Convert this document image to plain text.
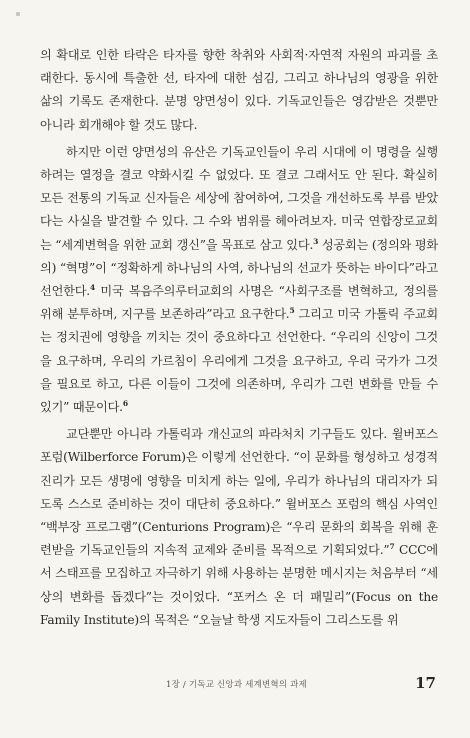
의 확대로 인한 타락은 타자를 향한 착취와 사회적·자연적 자원의 파괴를 초래한다. 동시에 특출한 선, 타자에 대한 섬김, 그리고 하나님의 영광을 위한 삶의 기록도 존재한다. 분명 양면성이 있다. 기독교인들은 영감받은 것뿐만 아니라 회개해야 할 것도 많다.

하지만 이런 양면성의 유산은 기독교인들이 우리 시대에 이 명령을 실행하려는 열정을 결코 약화시킬 수 없었다. 또 결코 그래서도 안 된다. 확실히 모든 전통의 기독교 신자들은 세상에 참여하여, 그것을 개선하도록 부름 받았다는 사실을 발견할 수 있다. 그 수와 범위를 헤아려보자. 미국 연합장로교회는 “세계변혁을 위한 교회 갱신”을 목표로 삼고 있다.$^3$ 성공회는 (정의와 평화의) “혁명”이 “정확하게 하나님의 사역, 하나님의 선교가 뜻하는 바이다”라고 선언한다.$^4$ 미국 복음주의루터교회의 사명은 “사회구조를 변혁하고, 정의를 위해 분투하며, 지구를 보존하라”라고 요구한다.$^5$ 그리고 미국 가톨릭 주교회는 정치권에 영향을 끼치는 것이 중요하다고 선언한다. “우리의 신앙이 그것을 요구하며, 우리의 가르침이 우리에게 그것을 요구하고, 우리 국가가 그것을 필요로 하고, 다른 이들이 그것에 의존하며, 우리가 그런 변화를 만들 수 있기” 때문이다.$^6$

교단뿐만 아니라 가톨릭과 개신교의 파라처치 기구들도 있다. 윌버포스 포럼(Wilberforce Forum)은 이렇게 선언한다. “이 문화를 형성하고 성경적 진리가 모든 생명에 영향을 미치게 하는 일에, 우리가 하나님의 대리자가 되도록 스스로 준비하는 것이 대단히 중요하다.” 윌버포스 포럼의 핵심 사역인 “백부장 프로그램”(Centurions Program)은 “우리 문화의 회복을 위해 훈련받을 기독교인들의 지속적 교제와 준비를 목적으로 기획되었다.”$^7$ CCC에서 스태프를 모집하고 자극하기 위해 사용하는 분명한 메시지는 처음부터 “세상의 변화를 돕겠다”는 것이었다. “포커스 온 더 패밀리”(Focus on the Family Institute)의 목적은 “오늘날 학생 지도자들이 그리스도를 위

1장 / 기독교 신앙과 세계변혁의 과제	17
